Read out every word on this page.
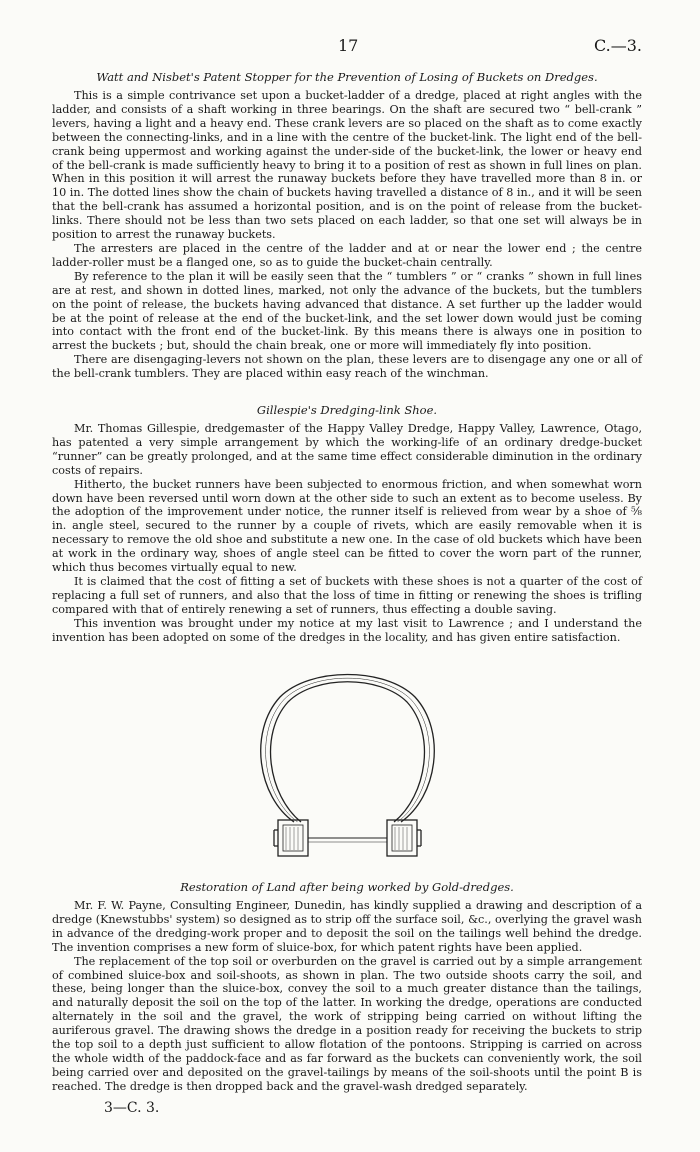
17	C.—3.
Watt and Nisbet's Patent Stopper for the Prevention of Losing of Buckets on Dredges.

This is a simple contrivance set upon a bucket-ladder of a dredge, placed at right angles with the ladder, and consists of a shaft working in three bearings. On the shaft are secured two “ bell-crank ” levers, having a light and a heavy end. These crank levers are so placed on the shaft as to come exactly between the connecting-links, and in a line with the centre of the bucket-link. The light end of the bell-crank being uppermost and working against the under-side of the bucket-link, the lower or heavy end of the bell-crank is made sufficiently heavy to bring it to a position of rest as shown in full lines on plan. When in this position it will arrest the runaway buckets before they have travelled more than 8 in. or 10 in. The dotted lines show the chain of buckets having travelled a distance of 8 in., and it will be seen that the bell-crank has assumed a horizontal position, and is on the point of release from the bucket-links. There should not be less than two sets placed on each ladder, so that one set will always be in position to arrest the runaway buckets.

The arresters are placed in the centre of the ladder and at or near the lower end ; the centre ladder-roller must be a flanged one, so as to guide the bucket-chain centrally.

By reference to the plan it will be easily seen that the “ tumblers ” or “ cranks ” shown in full lines are at rest, and shown in dotted lines, marked, not only the advance of the buckets, but the tumblers on the point of release, the buckets having advanced that distance. A set further up the ladder would be at the point of release at the end of the bucket-link, and the set lower down would just be coming into contact with the front end of the bucket-link. By this means there is always one in position to arrest the buckets ; but, should the chain break, one or more will immediately fly into position.

There are disengaging-levers not shown on the plan, these levers are to disengage any one or all of the bell-crank tumblers. They are placed within easy reach of the winchman.

Gillespie's Dredging-link Shoe.

Mr. Thomas Gillespie, dredgemaster of the Happy Valley Dredge, Happy Valley, Lawrence, Otago, has patented a very simple arrangement by which the working-life of an ordinary dredge-bucket “runner” can be greatly prolonged, and at the same time effect considerable diminution in the ordinary costs of repairs.

Hitherto, the bucket runners have been subjected to enormous friction, and when somewhat worn down have been reversed until worn down at the other side to such an extent as to become useless. By the adoption of the improvement under notice, the runner itself is relieved from wear by a shoe of ⅝ in. angle steel, secured to the runner by a couple of rivets, which are easily removable when it is necessary to remove the old shoe and substitute a new one. In the case of old buckets which have been at work in the ordinary way, shoes of angle steel can be fitted to cover the worn part of the runner, which thus becomes virtually equal to new.

It is claimed that the cost of fitting a set of buckets with these shoes is not a quarter of the cost of replacing a full set of runners, and also that the loss of time in fitting or renewing the shoes is trifling compared with that of entirely renewing a set of runners, thus effecting a double saving.

This invention was brought under my notice at my last visit to Lawrence ; and I understand the invention has been adopted on some of the dredges in the locality, and has given entire satisfaction.

Restoration of Land after being worked by Gold-dredges.

Mr. F. W. Payne, Consulting Engineer, Dunedin, has kindly supplied a drawing and description of a dredge (Knewstubbs' system) so designed as to strip off the surface soil, &c., overlying the gravel wash in advance of the dredging-work proper and to deposit the soil on the tailings well behind the dredge. The invention comprises a new form of sluice-box, for which patent rights have been applied.

The replacement of the top soil or overburden on the gravel is carried out by a simple arrangement of combined sluice-box and soil-shoots, as shown in plan. The two outside shoots carry the soil, and these, being longer than the sluice-box, convey the soil to a much greater distance than the tailings, and naturally deposit the soil on the top of the latter. In working the dredge, operations are conducted alternately in the soil and the gravel, the work of stripping being carried on without lifting the auriferous gravel. The drawing shows the dredge in a position ready for receiving the buckets to strip the top soil to a depth just sufficient to allow flotation of the pontoons. Stripping is carried on across the whole width of the paddock-face and as far forward as the buckets can conveniently work, the soil being carried over and deposited on the gravel-tailings by means of the soil-shoots until the point B is reached. The dredge is then dropped back and the gravel-wash dredged separately.

3—C. 3.
